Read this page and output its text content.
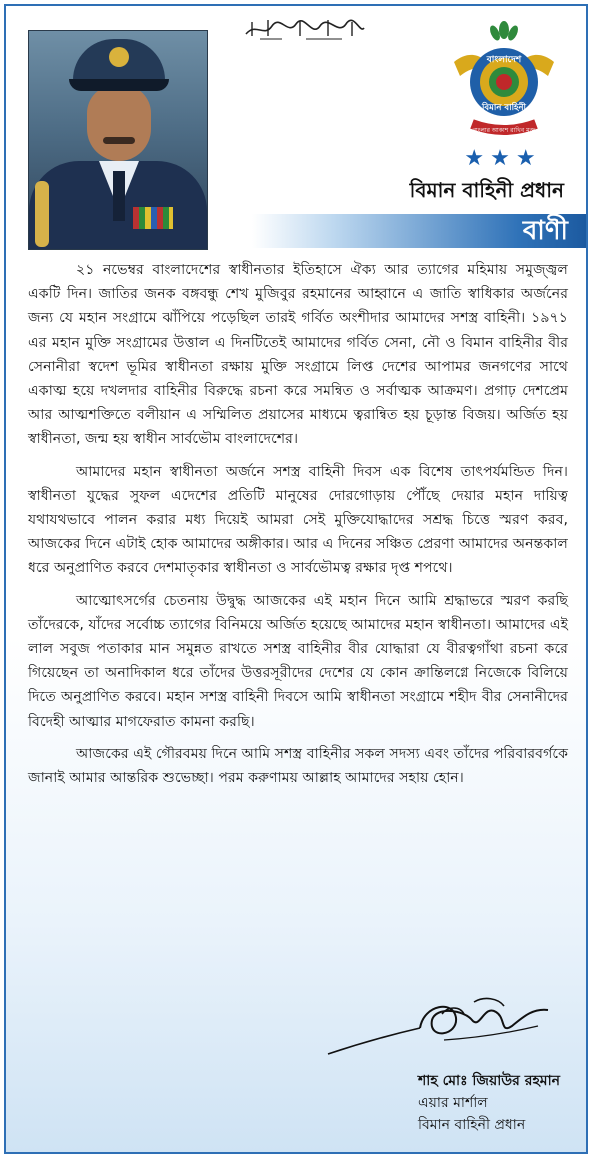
بِسْمِ اللّٰهِ الرَّحْمٰنِ الرَّحِيْم
বাংলাদেশ
বিমান বাহিনী
বাংলার আকাশ রাখিব মুক্ত
★★★
বিমান বাহিনী প্রধান
বাণী

২১ নভেম্বর বাংলাদেশের স্বাধীনতার ইতিহাসে ঐক্য আর ত্যাগের মহিমায় সমুজ্জ্বল একটি দিন। জাতির জনক বঙ্গবন্ধু শেখ মুজিবুর রহমানের আহ্বানে এ জাতি স্বাধিকার অর্জনের জন্য যে মহান সংগ্রামে ঝাঁপিয়ে পড়েছিল তারই গর্বিত অংশীদার আমাদের সশস্ত্র বাহিনী। ১৯৭১ এর মহান মুক্তি সংগ্রামের উত্তাল এ দিনটিতেই আমাদের গর্বিত সেনা, নৌ ও বিমান বাহিনীর বীর সেনানীরা স্বদেশ ভূমির স্বাধীনতা রক্ষায় মুক্তি সংগ্রামে লিপ্ত দেশের আপামর জনগণের সাথে একাত্ম হয়ে দখলদার বাহিনীর বিরুদ্ধে রচনা করে সমন্বিত ও সর্বাত্মক আক্রমণ। প্রগাঢ় দেশপ্রেম আর আত্মশক্তিতে বলীয়ান এ সম্মিলিত প্রয়াসের মাধ্যমে ত্বরান্বিত হয় চূড়ান্ত বিজয়। অর্জিত হয় স্বাধীনতা, জন্ম হয় স্বাধীন সার্বভৌম বাংলাদেশের।

আমাদের মহান স্বাধীনতা অর্জনে সশস্ত্র বাহিনী দিবস এক বিশেষ তাৎপর্যমন্ডিত দিন। স্বাধীনতা যুদ্ধের সুফল এদেশের প্রতিটি মানুষের দোরগোড়ায় পৌঁছে দেয়ার মহান দায়িত্ব যথাযথভাবে পালন করার মধ্য দিয়েই আমরা সেই মুক্তিযোদ্ধাদের সশ্রদ্ধ চিত্তে স্মরণ করব, আজকের দিনে এটাই হোক আমাদের অঙ্গীকার। আর এ দিনের সঞ্চিত প্রেরণা আমাদের অনন্তকাল ধরে অনুপ্রাণিত করবে দেশমাতৃকার স্বাধীনতা ও সার্বভৌমত্ব রক্ষার দৃপ্ত শপথে।

আত্মোৎসর্গের চেতনায় উদ্বুদ্ধ আজকের এই মহান দিনে আমি শ্রদ্ধাভরে স্মরণ করছি তাঁদেরকে, যাঁদের সর্বোচ্চ ত্যাগের বিনিময়ে অর্জিত হয়েছে আমাদের মহান স্বাধীনতা। আমাদের এই লাল সবুজ পতাকার মান সমুন্নত রাখতে সশস্ত্র বাহিনীর বীর যোদ্ধারা যে বীরত্বগাঁথা রচনা করে গিয়েছেন তা অনাদিকাল ধরে তাঁদের উত্তরসূরীদের দেশের যে কোন ক্রান্তিলগ্নে নিজেকে বিলিয়ে দিতে অনুপ্রাণিত করবে। মহান সশস্ত্র বাহিনী দিবসে আমি স্বাধীনতা সংগ্রামে শহীদ বীর সেনানীদের বিদেহী আত্মার মাগফেরাত কামনা করছি।

আজকের এই গৌরবময় দিনে আমি সশস্ত্র বাহিনীর সকল সদস্য এবং তাঁদের পরিবারবর্গকে জানাই আমার আন্তরিক শুভেচ্ছা। পরম করুণাময় আল্লাহ আমাদের সহায় হোন।

শাহ মোঃ জিয়াউর রহমান
এয়ার মার্শাল
বিমান বাহিনী প্রধান
